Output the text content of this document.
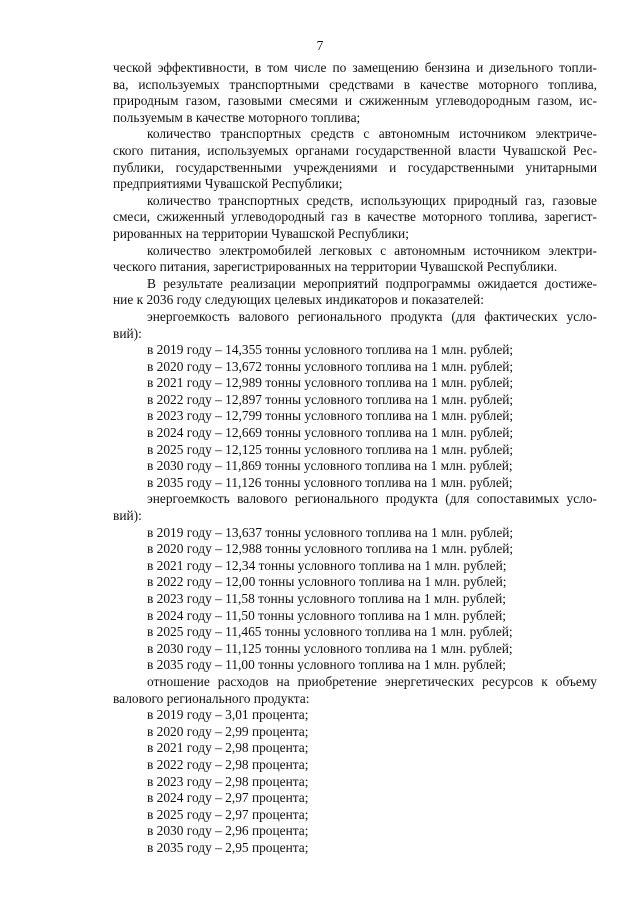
7

ческой эффективности, в том числе по замещению бензина и дизельного топли-
ва, используемых транспортными средствами в качестве моторного топлива,
природным газом, газовыми смесями и сжиженным углеводородным газом, ис-
пользуемым в качестве моторного топлива;

количество транспортных средств с автономным источником электриче-
ского питания, используемых органами государственной власти Чувашской Рес-
публики, государственными учреждениями и государственными унитарными
предприятиями Чувашской Республики;

количество транспортных средств, использующих природный газ, газовые
смеси, сжиженный углеводородный газ в качестве моторного топлива, зарегист-
рированных на территории Чувашской Республики;

количество электромобилей легковых с автономным источником электри-
ческого питания, зарегистрированных на территории Чувашской Республики.

В результате реализации мероприятий подпрограммы ожидается достиже-
ние к 2036 году следующих целевых индикаторов и показателей:

энергоемкость валового регионального продукта (для фактических усло-
вий):

в 2019 году – 14,355 тонны условного топлива на 1 млн. рублей;

в 2020 году – 13,672 тонны условного топлива на 1 млн. рублей;

в 2021 году – 12,989 тонны условного топлива на 1 млн. рублей;

в 2022 году – 12,897 тонны условного топлива на 1 млн. рублей;

в 2023 году – 12,799 тонны условного топлива на 1 млн. рублей;

в 2024 году – 12,669 тонны условного топлива на 1 млн. рублей;

в 2025 году – 12,125 тонны условного топлива на 1 млн. рублей;

в 2030 году – 11,869 тонны условного топлива на 1 млн. рублей;

в 2035 году – 11,126 тонны условного топлива на 1 млн. рублей;

энергоемкость валового регионального продукта (для сопоставимых усло-
вий):

в 2019 году – 13,637 тонны условного топлива на 1 млн. рублей;

в 2020 году – 12,988 тонны условного топлива на 1 млн. рублей;

в 2021 году – 12,34 тонны условного топлива на 1 млн. рублей;

в 2022 году – 12,00 тонны условного топлива на 1 млн. рублей;

в 2023 году – 11,58 тонны условного топлива на 1 млн. рублей;

в 2024 году – 11,50 тонны условного топлива на 1 млн. рублей;

в 2025 году – 11,465 тонны условного топлива на 1 млн. рублей;

в 2030 году – 11,125 тонны условного топлива на 1 млн. рублей;

в 2035 году – 11,00 тонны условного топлива на 1 млн. рублей;

отношение расходов на приобретение энергетических ресурсов к объему
валового регионального продукта:

в 2019 году – 3,01 процента;

в 2020 году – 2,99 процента;

в 2021 году – 2,98 процента;

в 2022 году – 2,98 процента;

в 2023 году – 2,98 процента;

в 2024 году – 2,97 процента;

в 2025 году – 2,97 процента;

в 2030 году – 2,96 процента;

в 2035 году – 2,95 процента;
